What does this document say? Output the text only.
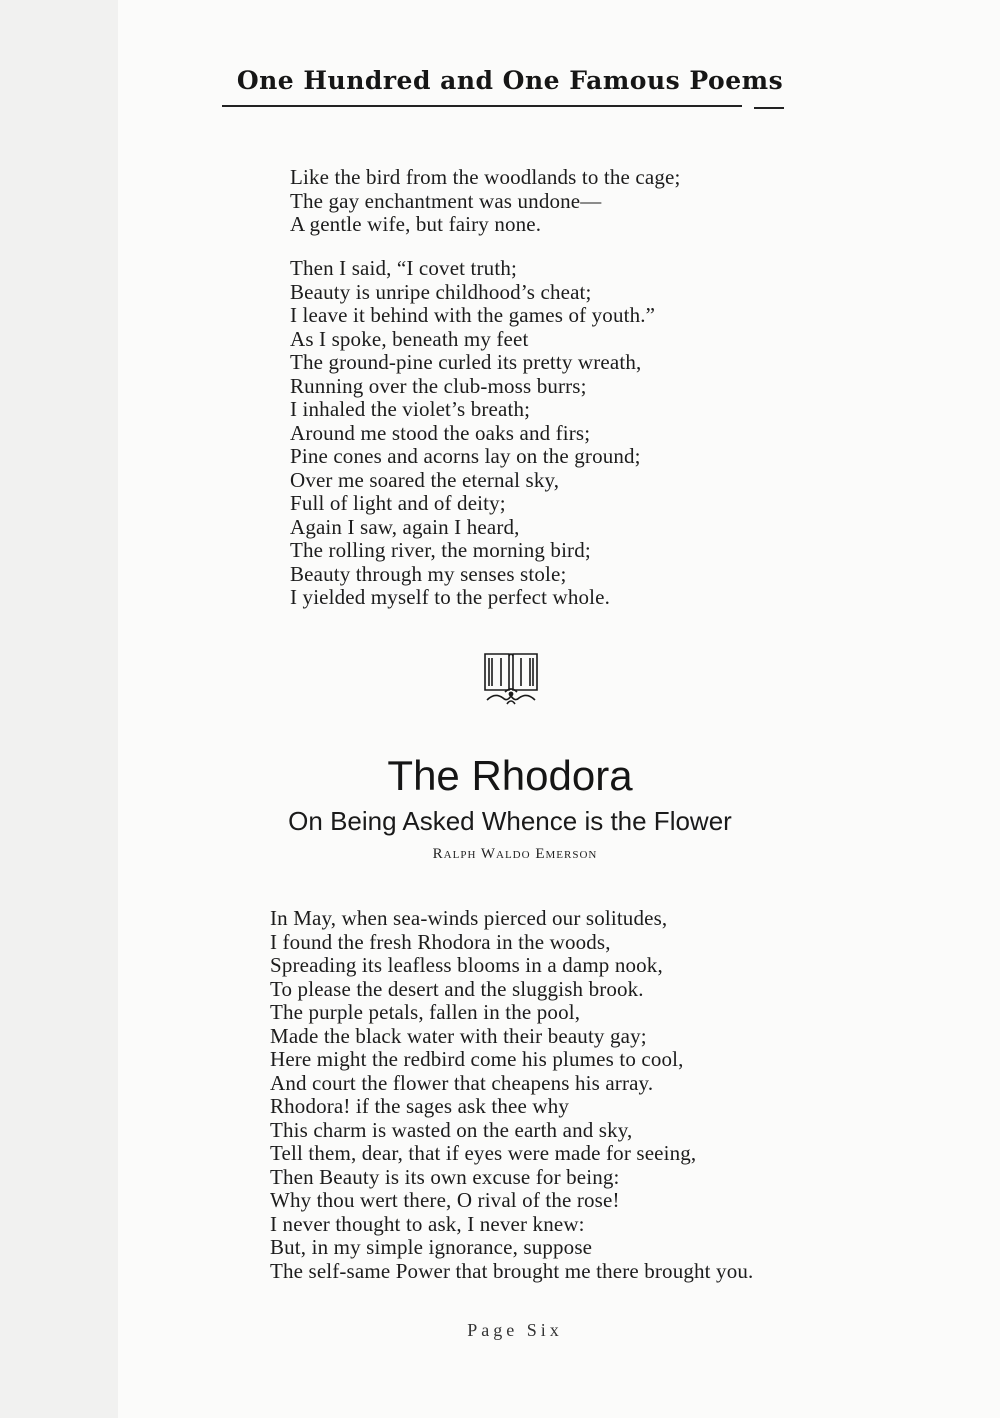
One Hundred and One Famous Poems
Like the bird from the woodlands to the cage;
The gay enchantment was undone—
A gentle wife, but fairy none.
Then I said, “I covet truth;
Beauty is unripe childhood’s cheat;
I leave it behind with the games of youth.”
As I spoke, beneath my feet
The ground-pine curled its pretty wreath,
Running over the club-moss burrs;
I inhaled the violet’s breath;
Around me stood the oaks and firs;
Pine cones and acorns lay on the ground;
Over me soared the eternal sky,
Full of light and of deity;
Again I saw, again I heard,
The rolling river, the morning bird;
Beauty through my senses stole;
I yielded myself to the perfect whole.
The Rhodora
On Being Asked Whence is the Flower
Ralph Waldo Emerson
In May, when sea-winds pierced our solitudes,
I found the fresh Rhodora in the woods,
Spreading its leafless blooms in a damp nook,
To please the desert and the sluggish brook.
The purple petals, fallen in the pool,
Made the black water with their beauty gay;
Here might the redbird come his plumes to cool,
And court the flower that cheapens his array.
Rhodora! if the sages ask thee why
This charm is wasted on the earth and sky,
Tell them, dear, that if eyes were made for seeing,
Then Beauty is its own excuse for being:
Why thou wert there, O rival of the rose!
I never thought to ask, I never knew:
But, in my simple ignorance, suppose
The self-same Power that brought me there brought you.
Page Six
